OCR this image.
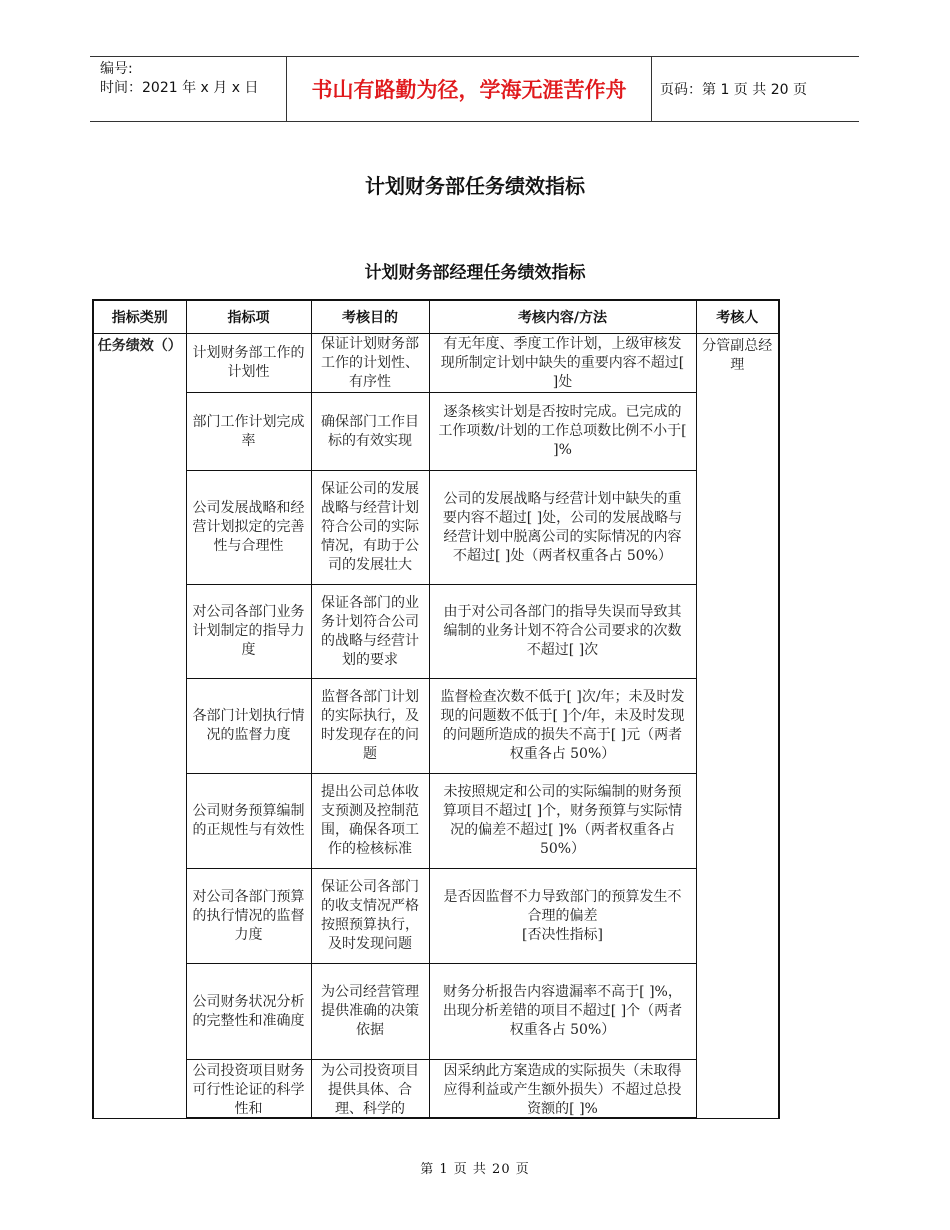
编号:
时间：2021 年 x 月 x 日	书山有路勤为径，学海无涯苦作舟	页码：第 1 页 共 20 页
计划财务部任务绩效指标
计划财务部经理任务绩效指标
指标类别	指标项	考核目的	考核内容/方法	考核人
任务绩效（）	计划财务部工作的计划性	保证计划财务部工作的计划性、有序性	有无年度、季度工作计划，上级审核发现所制定计划中缺失的重要内容不超过[ ]处	分管副总经理
	部门工作计划完成率	确保部门工作目标的有效实现	逐条核实计划是否按时完成。已完成的工作项数/计划的工作总项数比例不小于[ ]%	
	公司发展战略和经营计划拟定的完善性与合理性	保证公司的发展战略与经营计划符合公司的实际情况，有助于公司的发展壮大	公司的发展战略与经营计划中缺失的重要内容不超过[ ]处，公司的发展战略与经营计划中脱离公司的实际情况的内容不超过[ ]处（两者权重各占 50%）	
	对公司各部门业务计划制定的指导力度	保证各部门的业务计划符合公司的战略与经营计划的要求	由于对公司各部门的指导失误而导致其编制的业务计划不符合公司要求的次数不超过[ ]次	
	各部门计划执行情况的监督力度	监督各部门计划的实际执行，及时发现存在的问题	监督检查次数不低于[ ]次/年；未及时发现的问题数不低于[ ]个/年，未及时发现的问题所造成的损失不高于[ ]元（两者权重各占 50%）	
	公司财务预算编制的正规性与有效性	提出公司总体收支预测及控制范围，确保各项工作的检核标准	未按照规定和公司的实际编制的财务预算项目不超过[ ]个，财务预算与实际情况的偏差不超过[ ]%（两者权重各占 50%）	
	对公司各部门预算的执行情况的监督力度	保证公司各部门的收支情况严格按照预算执行，及时发现问题	是否因监督不力导致部门的预算发生不合理的偏差
[否决性指标]	
	公司财务状况分析的完整性和准确度	为公司经营管理提供准确的决策依据	财务分析报告内容遗漏率不高于[ ]%，出现分析差错的项目不超过[ ]个（两者权重各占 50%）	

	公司投资项目财务可行性论证的科学性和	为公司投资项目提供具体、合理、科学的	因采纳此方案造成的实际损失（未取得应得利益或产生额外损失）不超过总投资额的[ ]%	
第 1 页 共 20 页
